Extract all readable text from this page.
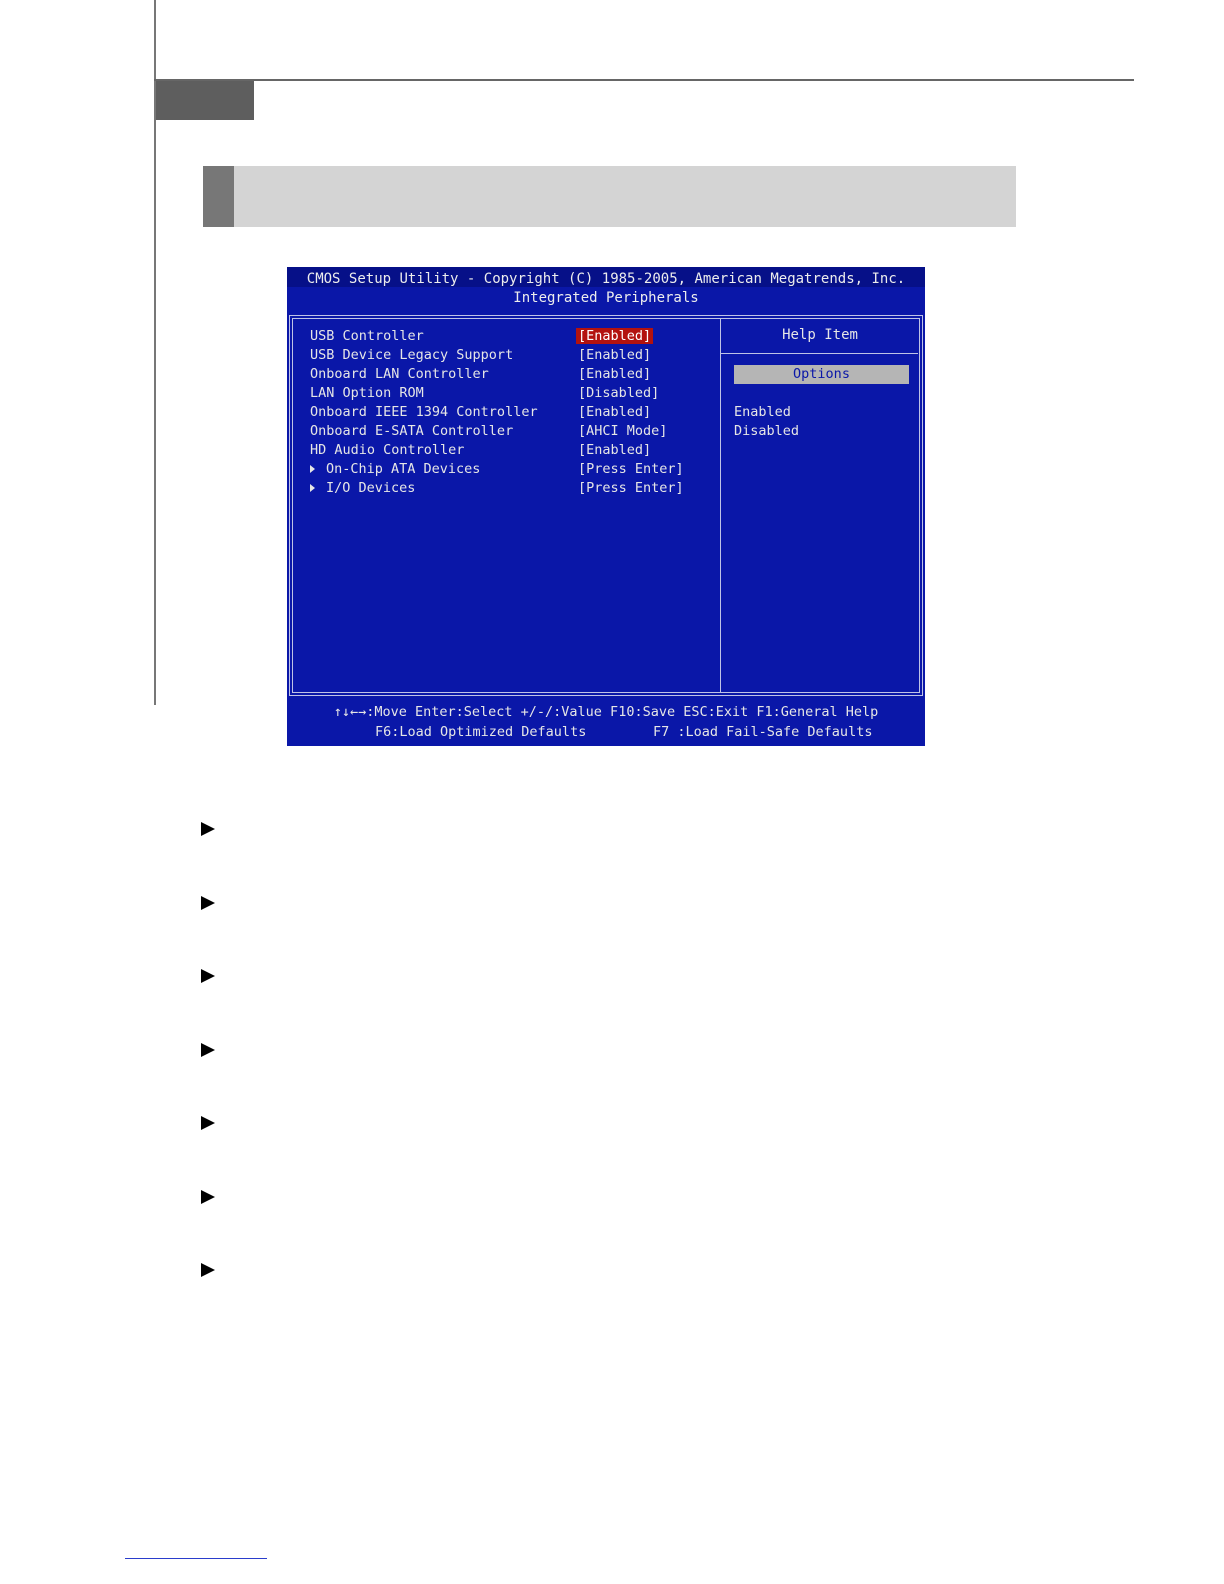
CMOS Setup Utility - Copyright (C) 1985-2005, American Megatrends, Inc.
Integrated Peripherals
USB Controller	[Enabled]
USB Device Legacy Support	[Enabled]
Onboard LAN Controller	[Enabled]
LAN Option ROM	[Disabled]
Onboard IEEE 1394 Controller	[Enabled]
Onboard E-SATA Controller	[AHCI Mode]
HD Audio Controller	[Enabled]
On-Chip ATA Devices	[Press Enter]
I/O Devices	[Press Enter]
Help Item
Options
Enabled
Disabled
↑↓←→:Move Enter:Select +/-/:Value F10:Save ESC:Exit F1:General Help
F6:Load Optimized Defaults	F7 :Load Fail-Safe Defaults
